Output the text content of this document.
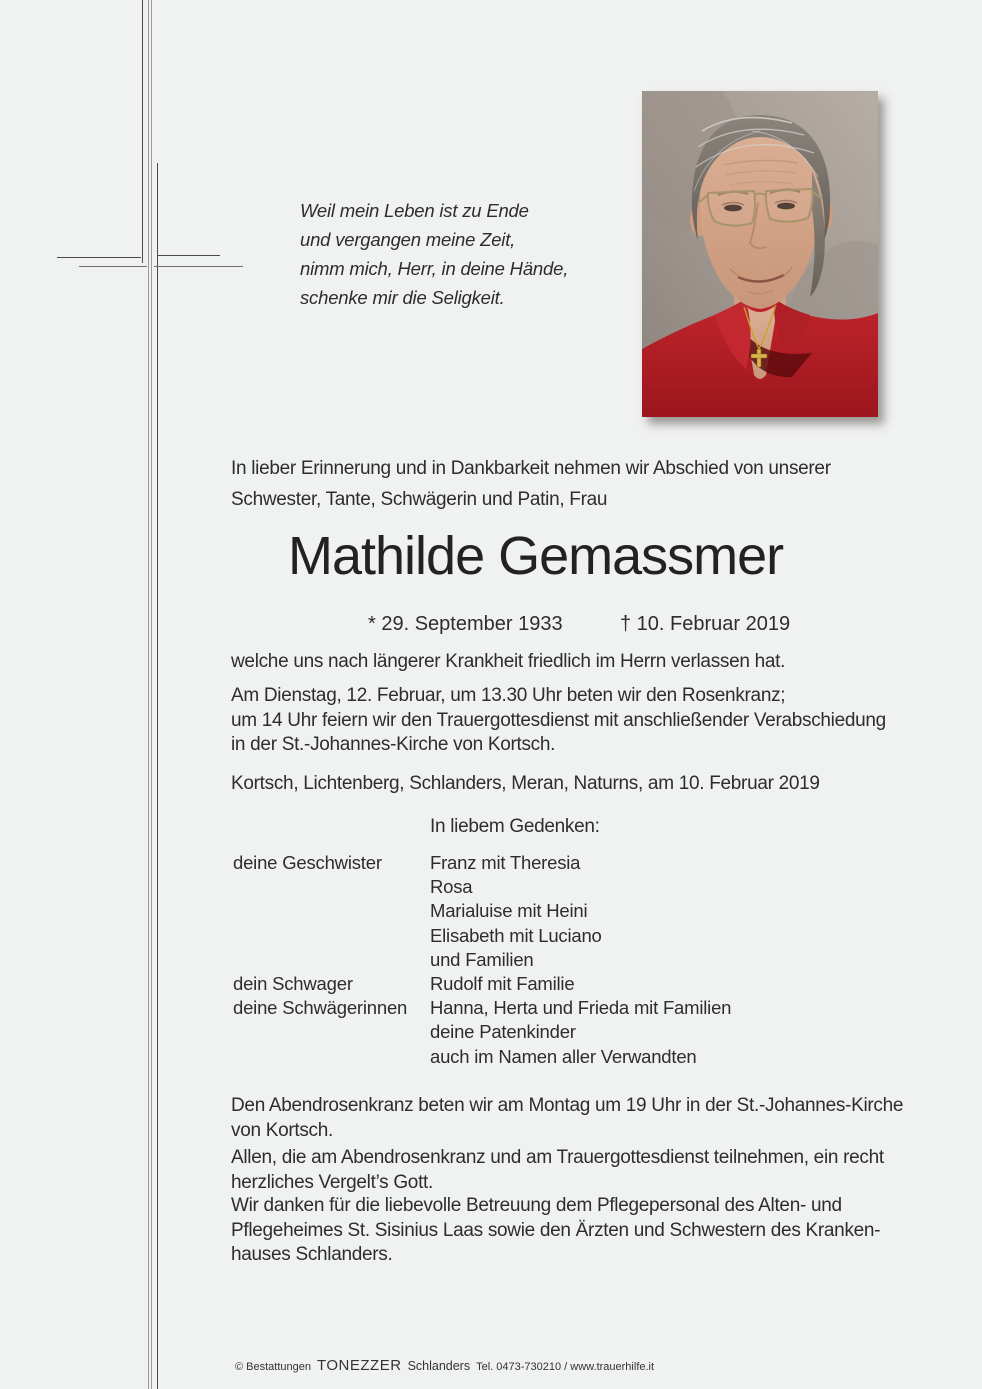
Weil mein Leben ist zu Ende
und vergangen meine Zeit,
nimm mich, Herr, in deine Hände,
schenke mir die Seligkeit.
In lieber Erinnerung und in Dankbarkeit nehmen wir Abschied von unserer
Schwester, Tante, Schwägerin und Patin, Frau
Mathilde Gemassmer
* 29. September 1933	† 10. Februar 2019
welche uns nach längerer Krankheit friedlich im Herrn verlassen hat.
Am Dienstag, 12. Februar, um 13.30 Uhr beten wir den Rosenkranz;
um 14 Uhr feiern wir den Trauergottesdienst mit anschließender Verabschiedung
in der St.-Johannes-Kirche von Kortsch.
Kortsch, Lichtenberg, Schlanders, Meran, Naturns, am 10. Februar 2019
In liebem Gedenken:
deine Geschwister	Franz mit Theresia
Rosa
Marialuise mit Heini
Elisabeth mit Luciano
und Familien
dein Schwager	Rudolf mit Familie
deine Schwägerinnen	Hanna, Herta und Frieda mit Familien
deine Patenkinder
auch im Namen aller Verwandten
Den Abendrosenkranz beten wir am Montag um 19 Uhr in der St.-Johannes-Kirche
von Kortsch.
Allen, die am Abendrosenkranz und am Trauergottesdienst teilnehmen, ein recht
herzliches Vergelt’s Gott.
Wir danken für die liebevolle Betreuung dem Pflegepersonal des Alten- und
Pflegeheimes St. Sisinius Laas sowie den Ärzten und Schwestern des Kranken-
hauses Schlanders.
© Bestattungen TONEZZER Schlanders Tel. 0473-730210 / www.trauerhilfe.it
